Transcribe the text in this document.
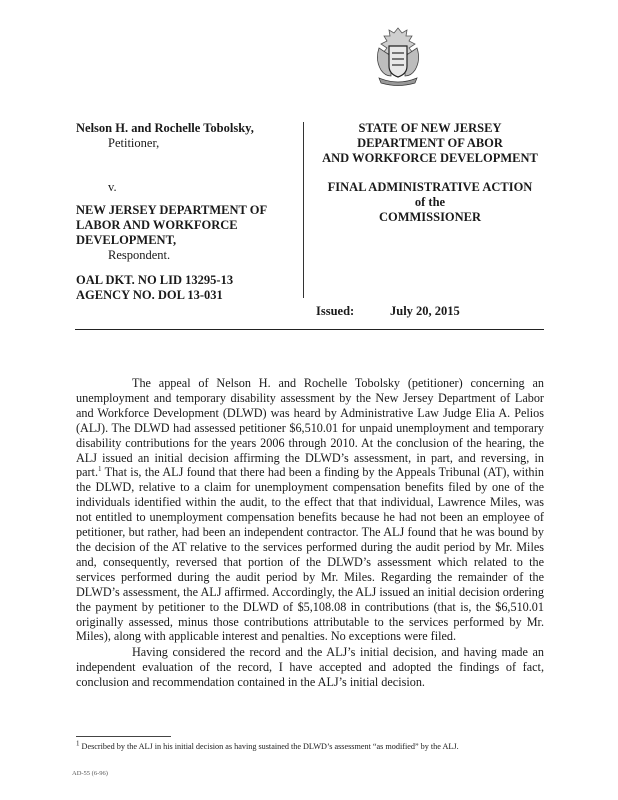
Nelson H. and Rochelle Tobolsky,
Petitioner,
v.
NEW JERSEY DEPARTMENT OF
LABOR AND WORKFORCE
DEVELOPMENT,
Respondent.
OAL DKT. NO LID 13295-13
AGENCY NO. DOL 13-031
STATE OF NEW JERSEY
DEPARTMENT OF ABOR
AND WORKFORCE DEVELOPMENT
FINAL ADMINISTRATIVE ACTION
of the
COMMISSIONER
Issued:	July 20, 2015

The appeal of Nelson H. and Rochelle Tobolsky (petitioner) concerning an unemployment and temporary disability assessment by the New Jersey Department of Labor and Workforce Development (DLWD) was heard by Administrative Law Judge Elia A. Pelios (ALJ). The DLWD had assessed petitioner $6,510.01 for unpaid unemployment and temporary disability contributions for the years 2006 through 2010. At the conclusion of the hearing, the ALJ issued an initial decision affirming the DLWD’s assessment, in part, and reversing, in part.$^1$ That is, the ALJ found that there had been a finding by the Appeals Tribunal (AT), within the DLWD, relative to a claim for unemployment compensation benefits filed by one of the individuals identified within the audit, to the effect that that individual, Lawrence Miles, was not entitled to unemployment compensation benefits because he had not been an employee of petitioner, but rather, had been an independent contractor. The ALJ found that he was bound by the decision of the AT relative to the services performed during the audit period by Mr. Miles and, consequently, reversed that portion of the DLWD’s assessment which related to the services performed during the audit period by Mr. Miles. Regarding the remainder of the DLWD’s assessment, the ALJ affirmed. Accordingly, the ALJ issued an initial decision ordering the payment by petitioner to the DLWD of $5,108.08 in contributions (that is, the $6,510.01 originally assessed, minus those contributions attributable to the services performed by Mr. Miles), along with applicable interest and penalties. No exceptions were filed.

Having considered the record and the ALJ’s initial decision, and having made an independent evaluation of the record, I have accepted and adopted the findings of fact, conclusion and recommendation contained in the ALJ’s initial decision.

$^1$ Described by the ALJ in his initial decision as having sustained the DLWD’s assessment “as modified” by the ALJ.
AD-55 (6-96)
